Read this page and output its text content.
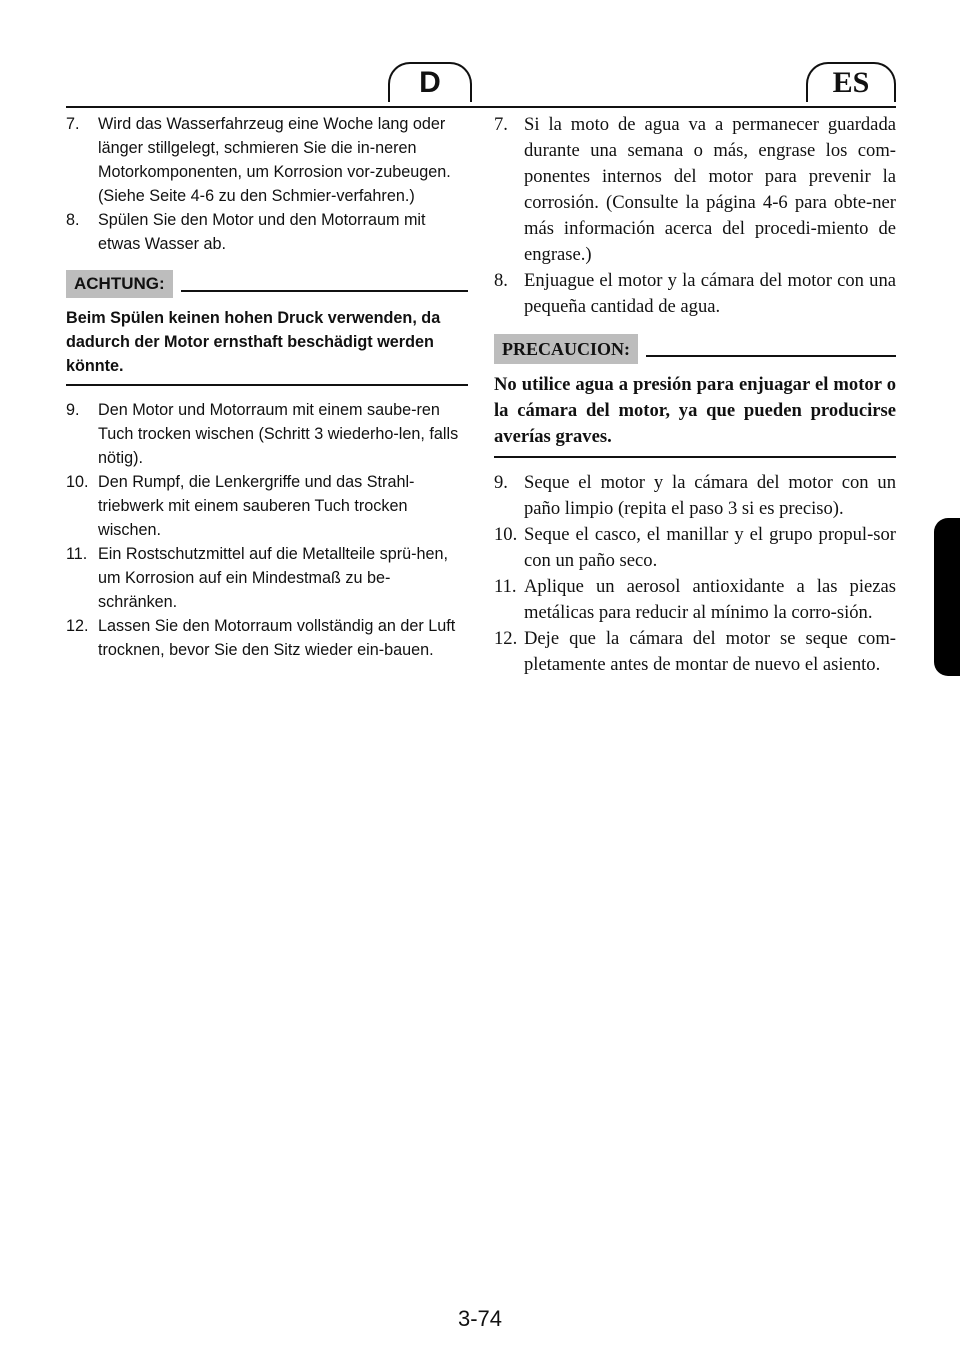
D	ES
7.	Wird das Wasserfahrzeug eine Woche lang oder länger stillgelegt, schmieren Sie die in-neren Motorkomponenten, um Korrosion vor-zubeugen. (Siehe Seite 4-6 zu den Schmier-verfahren.)
8.	Spülen Sie den Motor und den Motorraum mit etwas Wasser ab.
ACHTUNG:
Beim Spülen keinen hohen Druck verwenden, da dadurch der Motor ernsthaft beschädigt werden könnte.
9.	Den Motor und Motorraum mit einem saube-ren Tuch trocken wischen (Schritt 3 wiederho-len, falls nötig).
10. Den Rumpf, die Lenkergriffe und das Strahl-triebwerk mit einem sauberen Tuch trocken wischen.
11. Ein Rostschutzmittel auf die Metallteile sprü-hen, um Korrosion auf ein Mindestmaß zu be-schränken.
12. Lassen Sie den Motorraum vollständig an der Luft trocknen, bevor Sie den Sitz wieder ein-bauen.
7. Si la moto de agua va a permanecer guardada durante una semana o más, engrase los com-ponentes internos del motor para prevenir la corrosión. (Consulte la página 4-6 para obte-ner más información acerca del procedi-miento de engrase.)
8. Enjuague el motor y la cámara del motor con una pequeña cantidad de agua.
PRECAUCION:
No utilice agua a presión para enjuagar el motor o la cámara del motor, ya que pueden producirse averías graves.
9. Seque el motor y la cámara del motor con un paño limpio (repita el paso 3 si es preciso).
10. Seque el casco, el manillar y el grupo propul-sor con un paño seco.
11. Aplique un aerosol antioxidante a las piezas metálicas para reducir al mínimo la corro-sión.
12. Deje que la cámara del motor se seque com-pletamente antes de montar de nuevo el asiento.
3-74
